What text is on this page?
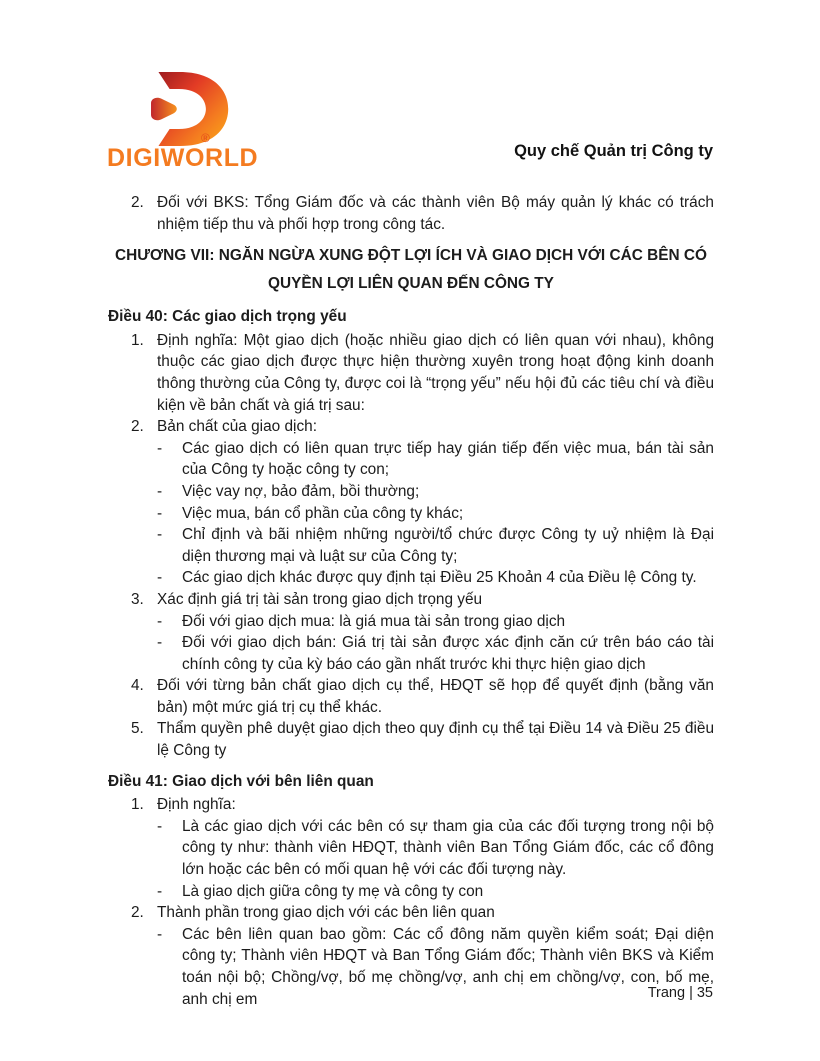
®
DIGIWORLD	Quy chế Quản trị Công ty
2. Đối với BKS: Tổng Giám đốc và các thành viên Bộ máy quản lý khác có trách nhiệm tiếp thu và phối hợp trong công tác.
CHƯƠNG VII: NGĂN NGỪA XUNG ĐỘT LỢI ÍCH VÀ GIAO DỊCH VỚI CÁC BÊN CÓ QUYỀN LỢI LIÊN QUAN ĐẾN CÔNG TY
Điều 40: Các giao dịch trọng yếu
1. Định nghĩa: Một giao dịch (hoặc nhiều giao dịch có liên quan với nhau), không thuộc các giao dịch được thực hiện thường xuyên trong hoạt động kinh doanh thông thường của Công ty, được coi là “trọng yếu” nếu hội đủ các tiêu chí và điều kiện về bản chất và giá trị sau:
2. Bản chất của giao dịch:
-	Các giao dịch có liên quan trực tiếp hay gián tiếp đến việc mua, bán tài sản của Công ty hoặc công ty con;
-	Việc vay nợ, bảo đảm, bồi thường;
-	Việc mua, bán cổ phần của công ty khác;
-	Chỉ định và bãi nhiệm những người/tổ chức được Công ty uỷ nhiệm là Đại diện thương mại và luật sư của Công ty;
-	Các giao dịch khác được quy định tại Điều 25 Khoản 4 của Điều lệ Công ty.
3. Xác định giá trị tài sản trong giao dịch trọng yếu
-	Đối với giao dịch mua: là giá mua tài sản trong giao dịch
-	Đối với giao dịch bán: Giá trị tài sản được xác định căn cứ trên báo cáo tài chính công ty của kỳ báo cáo gần nhất trước khi thực hiện giao dịch
4. Đối với từng bản chất giao dịch cụ thể, HĐQT sẽ họp để quyết định (bằng văn bản) một mức giá trị cụ thể khác.
5. Thẩm quyền phê duyệt giao dịch theo quy định cụ thể tại Điều 14 và Điều 25 điều lệ Công ty
Điều 41: Giao dịch với bên liên quan
1. Định nghĩa:
-	Là các giao dịch với các bên có sự tham gia của các đối tượng trong nội bộ công ty như: thành viên HĐQT, thành viên Ban Tổng Giám đốc, các cổ đông lớn hoặc các bên có mối quan hệ với các đối tượng này.
-	Là giao dịch giữa công ty mẹ và công ty con
2. Thành phần trong giao dịch với các bên liên quan
-	Các bên liên quan bao gồm: Các cổ đông năm quyền kiểm soát; Đại diện công ty; Thành viên HĐQT và Ban Tổng Giám đốc; Thành viên BKS và Kiểm toán nội bộ; Chồng/vợ, bố mẹ chồng/vợ, anh chị em chồng/vợ, con, bố mẹ, anh chị em	Trang | 35
